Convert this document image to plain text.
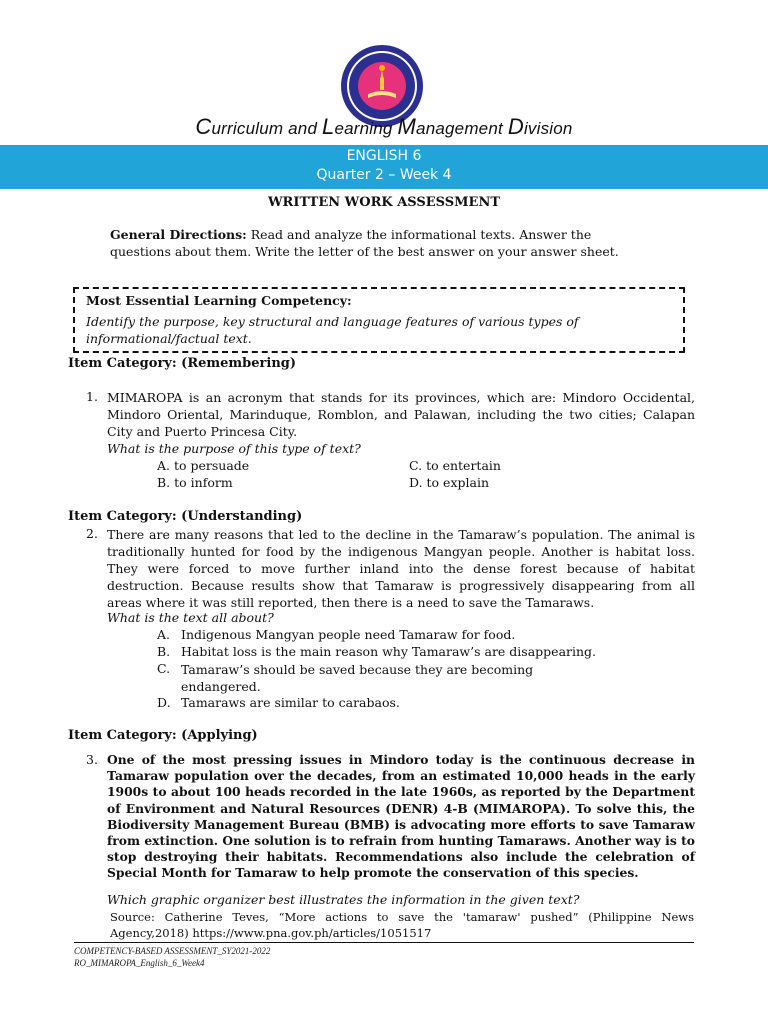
Curriculum and Learning Management Division
ENGLISH 6
Quarter 2 – Week 4
WRITTEN WORK ASSESSMENT
General Directions: Read and analyze the informational texts. Answer the questions about them. Write the letter of the best answer on your answer sheet.
Most Essential Learning Competency:
Identify the purpose, key structural and language features of various types of informational/factual text.
Item Category: (Remembering)
1. MIMAROPA is an acronym that stands for its provinces, which are: Mindoro Occidental, Mindoro Oriental, Marinduque, Romblon, and Palawan, including the two cities; Calapan City and Puerto Princesa City.
What is the purpose of this type of text?
A. to persuade	C. to entertain
B. to inform	D. to explain
Item Category: (Understanding)
2. There are many reasons that led to the decline in the Tamaraw’s population. The animal is traditionally hunted for food by the indigenous Mangyan people. Another is habitat loss. They were forced to move further inland into the dense forest because of habitat destruction. Because results show that Tamaraw is progressively disappearing from all areas where it was still reported, then there is a need to save the Tamaraws.
What is the text all about?
A. Indigenous Mangyan people need Tamaraw for food.
B. Habitat loss is the main reason why Tamaraw’s are disappearing.
C. Tamaraw’s should be saved because they are becoming endangered.
D. Tamaraws are similar to carabaos.
Item Category: (Applying)
3. One of the most pressing issues in Mindoro today is the continuous decrease in Tamaraw population over the decades, from an estimated 10,000 heads in the early 1900s to about 100 heads recorded in the late 1960s, as reported by the Department of Environment and Natural Resources (DENR) 4-B (MIMAROPA). To solve this, the Biodiversity Management Bureau (BMB) is advocating more efforts to save Tamaraw from extinction. One solution is to refrain from hunting Tamaraws. Another way is to stop destroying their habitats. Recommendations also include the celebration of Special Month for Tamaraw to help promote the conservation of this species.
Which graphic organizer best illustrates the information in the given text?
Source: Catherine Teves, “More actions to save the 'tamaraw' pushed” (Philippine News Agency,2018) https://www.pna.gov.ph/articles/1051517
COMPETENCY-BASED ASSESSMENT_SY2021-2022
RO_MIMAROPA_English_6_Week4
